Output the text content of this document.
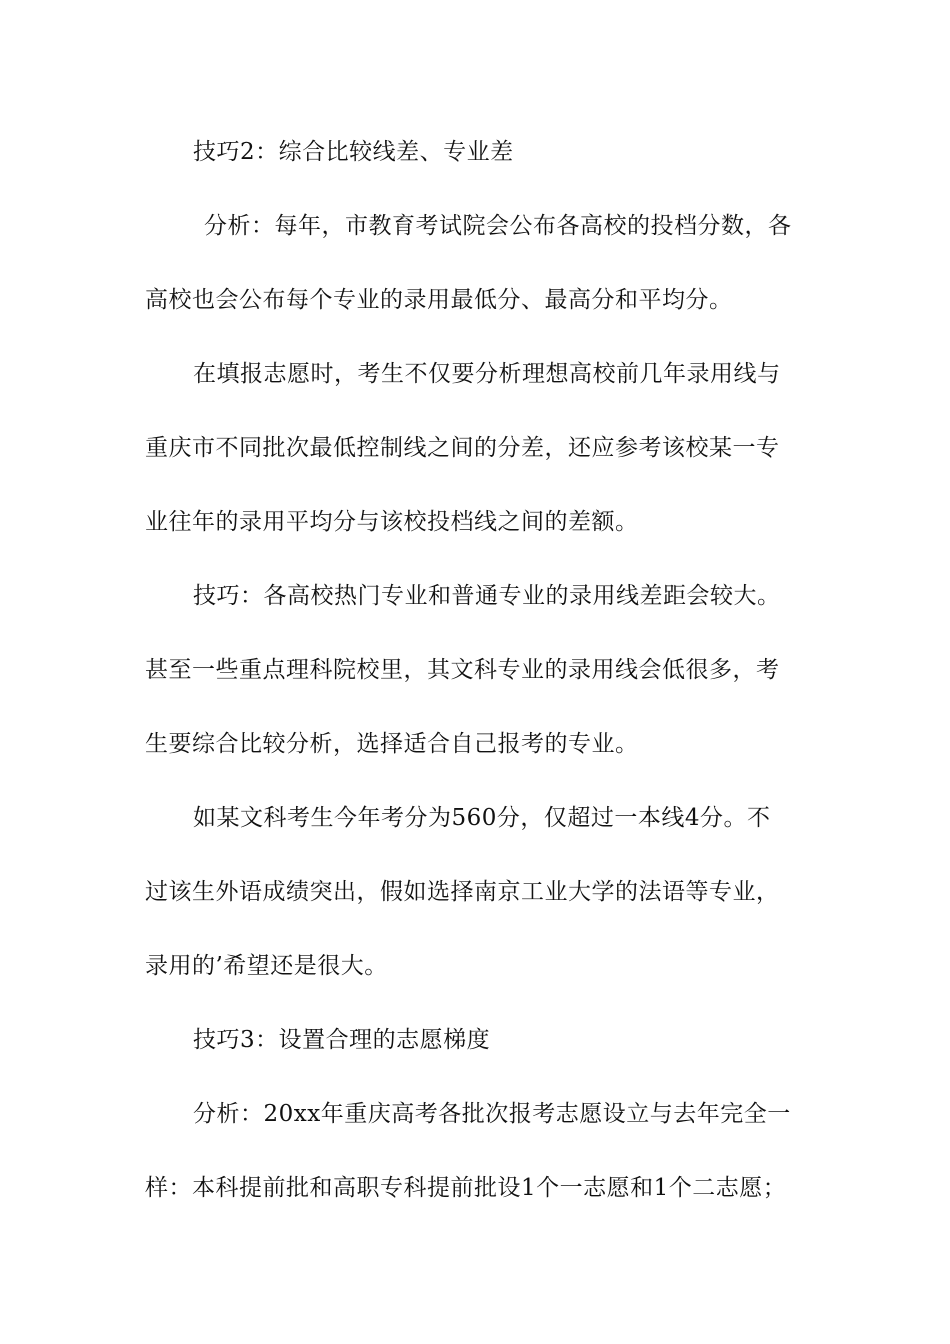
技巧2：综合比较线差、专业差
分析：每年，市教育考试院会公布各高校的投档分数，各
高校也会公布每个专业的录用最低分、最高分和平均分。
在填报志愿时，考生不仅要分析理想高校前几年录用线与
重庆市不同批次最低控制线之间的分差，还应参考该校某一专
业往年的录用平均分与该校投档线之间的差额。
技巧：各高校热门专业和普通专业的录用线差距会较大。
甚至一些重点理科院校里，其文科专业的录用线会低很多，考
生要综合比较分析，选择适合自己报考的专业。
如某文科考生今年考分为560分，仅超过一本线4分。不
过该生外语成绩突出，假如选择南京工业大学的法语等专业，
录用的’希望还是很大。
技巧3：设置合理的志愿梯度
分析：20xx年重庆高考各批次报考志愿设立与去年完全一
样：本科提前批和高职专科提前批设1个一志愿和1个二志愿；
